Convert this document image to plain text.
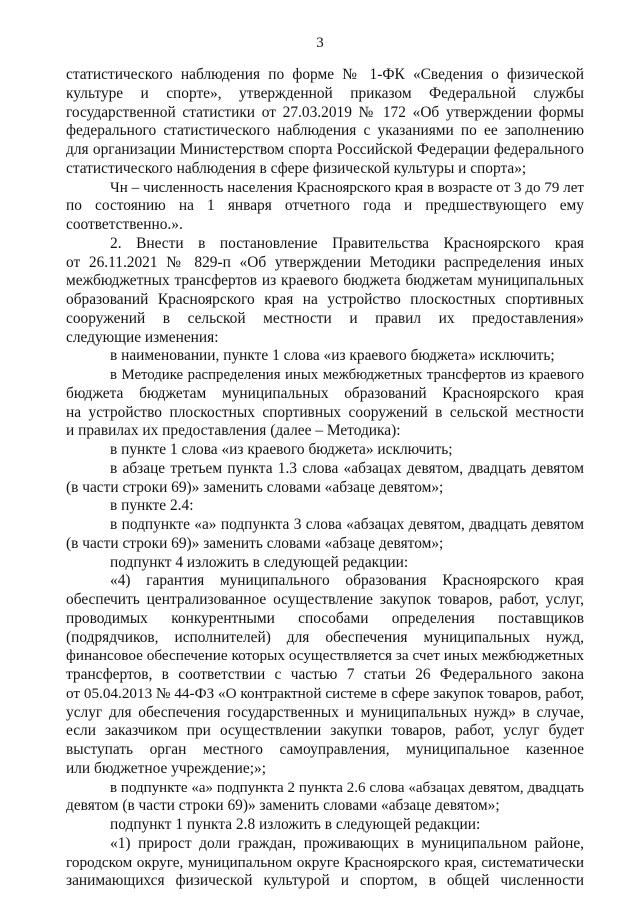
3
статистического наблюдения по форме № 1-ФК «Сведения о физической
культуре и спорте», утвержденной приказом Федеральной службы
государственной статистики от 27.03.2019 № 172 «Об утверждении формы
федерального статистического наблюдения с указаниями по ее заполнению
для организации Министерством спорта Российской Федерации федерального
статистического наблюдения в сфере физической культуры и спорта»;
Чн – численность населения Красноярского края в возрасте от 3 до 79 лет
по состоянию на 1 января отчетного года и предшествующего ему
соответственно.».
2. Внести в постановление Правительства Красноярского края
от 26.11.2021 № 829-п «Об утверждении Методики распределения иных
межбюджетных трансфертов из краевого бюджета бюджетам муниципальных
образований Красноярского края на устройство плоскостных спортивных
сооружений в сельской местности и правил их предоставления»
следующие изменения:
в наименовании, пункте 1 слова «из краевого бюджета» исключить;
в Методике распределения иных межбюджетных трансфертов из краевого
бюджета бюджетам муниципальных образований Красноярского края
на устройство плоскостных спортивных сооружений в сельской местности
и правилах их предоставления (далее – Методика):
в пункте 1 слова «из краевого бюджета» исключить;
в абзаце третьем пункта 1.3 слова «абзацах девятом, двадцать девятом
(в части строки 69)» заменить словами «абзаце девятом»;
в пункте 2.4:
в подпункте «а» подпункта 3 слова «абзацах девятом, двадцать девятом
(в части строки 69)» заменить словами «абзаце девятом»;
подпункт 4 изложить в следующей редакции:
«4) гарантия муниципального образования Красноярского края
обеспечить централизованное осуществление закупок товаров, работ, услуг,
проводимых конкурентными способами определения поставщиков
(подрядчиков, исполнителей) для обеспечения муниципальных нужд,
финансовое обеспечение которых осуществляется за счет иных межбюджетных
трансфертов, в соответствии с частью 7 статьи 26 Федерального закона
от 05.04.2013 № 44-ФЗ «О контрактной системе в сфере закупок товаров, работ,
услуг для обеспечения государственных и муниципальных нужд» в случае,
если заказчиком при осуществлении закупки товаров, работ, услуг будет
выступать орган местного самоуправления, муниципальное казенное
или бюджетное учреждение;»;
в подпункте «а» подпункта 2 пункта 2.6 слова «абзацах девятом, двадцать
девятом (в части строки 69)» заменить словами «абзаце девятом»;
подпункт 1 пункта 2.8 изложить в следующей редакции:
«1) прирост доли граждан, проживающих в муниципальном районе,
городском округе, муниципальном округе Красноярского края, систематически
занимающихся физической культурой и спортом, в общей численности
